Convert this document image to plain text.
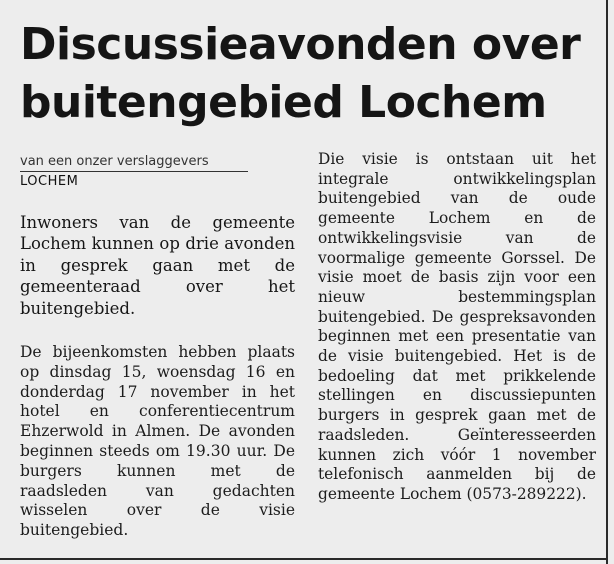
Discussieavonden over buitengebied Lochem
van een onzer verslaggevers
LOCHEM

Inwoners van de gemeente Lochem kunnen op drie avonden in gesprek gaan met de gemeenteraad over het buitengebied.

De bijeenkomsten hebben plaats op dinsdag 15, woensdag 16 en donderdag 17 november in het hotel en conferentiecentrum Ehzerwold in Almen. De avonden beginnen steeds om 19.30 uur. De burgers kunnen met de raadsleden van gedachten wisselen over de visie buitengebied.

Die visie is ontstaan uit het integrale ontwikkelingsplan buitengebied van de oude gemeente Lochem en de ontwikkelingsvisie van de voormalige gemeente Gorssel. De visie moet de basis zijn voor een nieuw bestemmingsplan buitengebied. De gespreksavonden beginnen met een presentatie van de visie buitengebied. Het is de bedoeling dat met prikkelende stellingen en discussiepunten burgers in gesprek gaan met de raadsleden. Geïnteresseerden kunnen zich vóór 1 november telefonisch aanmelden bij de gemeente Lochem (0573-289222).
